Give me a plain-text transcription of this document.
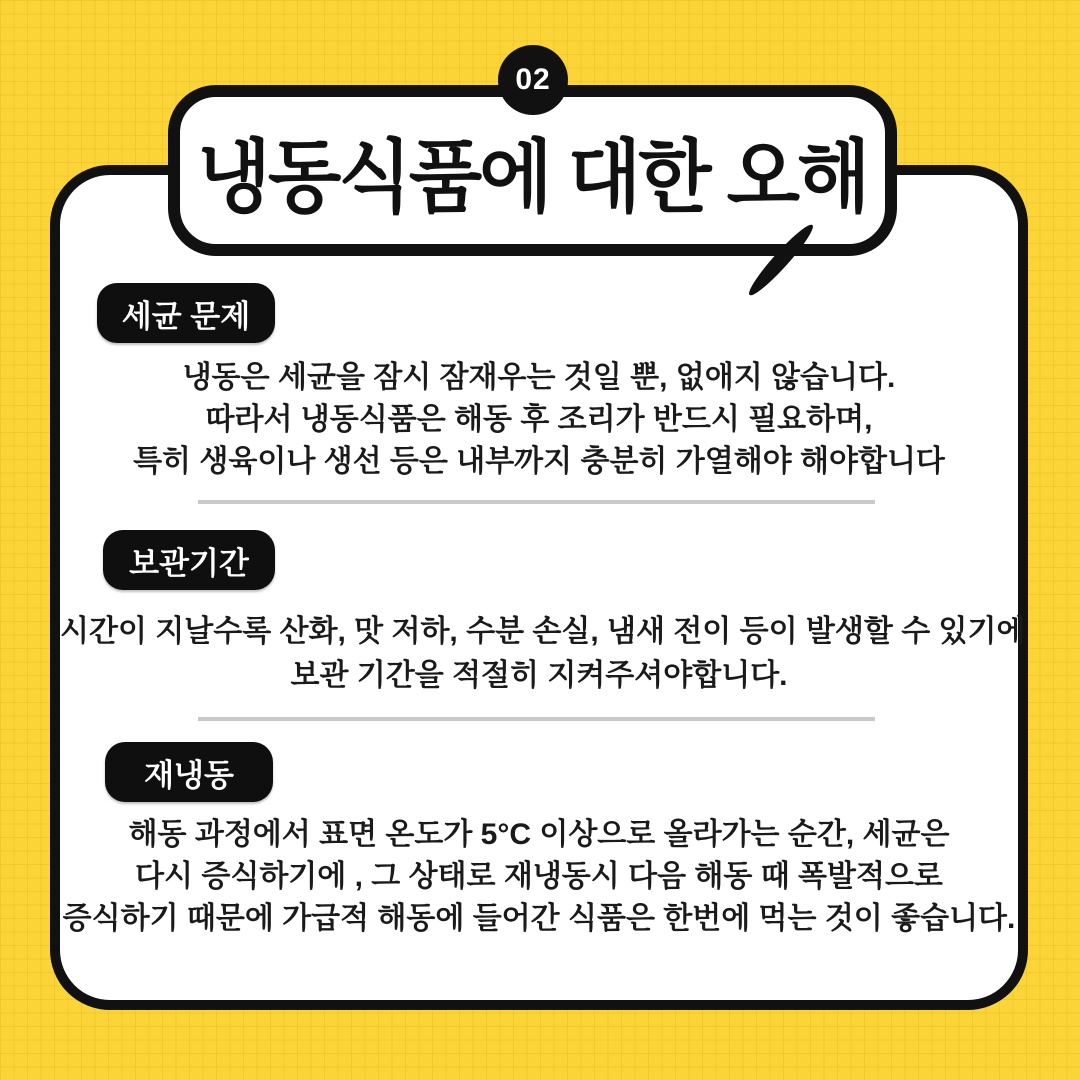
냉동식품에 대한 오해
02
세균 문제
냉동은 세균을 잠시 잠재우는 것일 뿐, 없애지 않습니다.
따라서 냉동식품은 해동 후 조리가 반드시 필요하며,
특히 생육이나 생선 등은 내부까지 충분히 가열해야 해야합니다
보관기간
시간이 지날수록 산화, 맛 저하, 수분 손실, 냄새 전이 등이 발생할 수 있기에
보관 기간을 적절히 지켜주셔야합니다.
재냉동
해동 과정에서 표면 온도가 5°C 이상으로 올라가는 순간, 세균은
다시 증식하기에 , 그 상태로 재냉동시 다음 해동 때 폭발적으로
증식하기 때문에 가급적 해동에 들어간 식품은 한번에 먹는 것이 좋습니다.
